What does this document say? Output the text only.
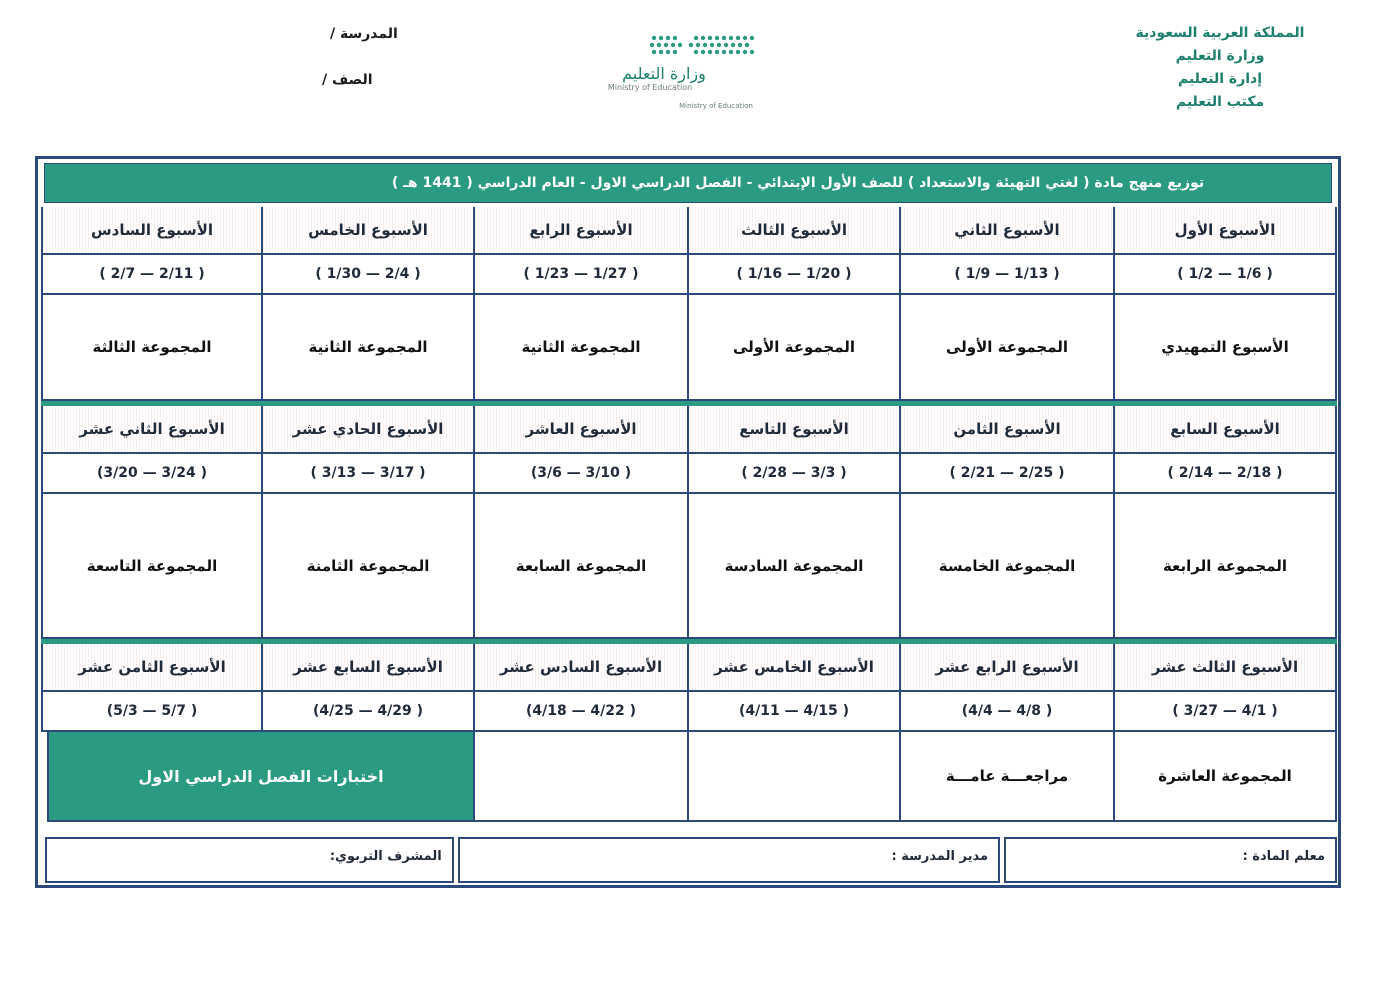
المملكة العربية السعودية
وزارة التعليم
إدارة التعليم
مكتب التعليم
المدرسة /
الصف /	وزارة التعليم
Ministry of Education
Ministry of Education
توزيع منهج مادة ( لغتي التهيئة والاستعداد ) للصف الأول الإبتدائي - الفصل الدراسي الاول - العام الدراسي ( 1441 هـ )
الأسبوع الأول
الأسبوع الثاني
الأسبوع الثالث
الأسبوع الرابع
الأسبوع الخامس
الأسبوع السادس
( 1/2 — 1/6 )
( 1/9 — 1/13 )
( 1/16 — 1/20 )
( 1/23 — 1/27 )
( 1/30 — 2/4 )
( 2/7 — 2/11 )
الأسبوع التمهيدي
المجموعة الأولى
المجموعة الأولى
المجموعة الثانية
المجموعة الثانية
المجموعة الثالثة
الأسبوع السابع
الأسبوع الثامن
الأسبوع التاسع
الأسبوع العاشر
الأسبوع الحادي عشر
الأسبوع الثاني عشر
( 2/14 — 2/18 )
( 2/21 — 2/25 )
( 2/28 — 3/3 )
(3/6 — 3/10 )
( 3/13 — 3/17 )
(3/20 — 3/24 )
المجموعة الرابعة
المجموعة الخامسة
المجموعة السادسة
المجموعة السابعة
المجموعة الثامنة
المجموعة التاسعة
الأسبوع الثالث عشر
الأسبوع الرابع عشر
الأسبوع الخامس عشر
الأسبوع السادس عشر
الأسبوع السابع عشر
الأسبوع الثامن عشر
( 3/27 — 4/1 )
(4/4 — 4/8 )
(4/11 — 4/15 )
(4/18 — 4/22 )
(4/25 — 4/29 )
(5/3 — 5/7 )
المجموعة العاشرة
مراجعـــة عامـــة
اختبارات الفصل الدراسي الاول
معلم المادة :
مدير المدرسة :
المشرف التربوي:
